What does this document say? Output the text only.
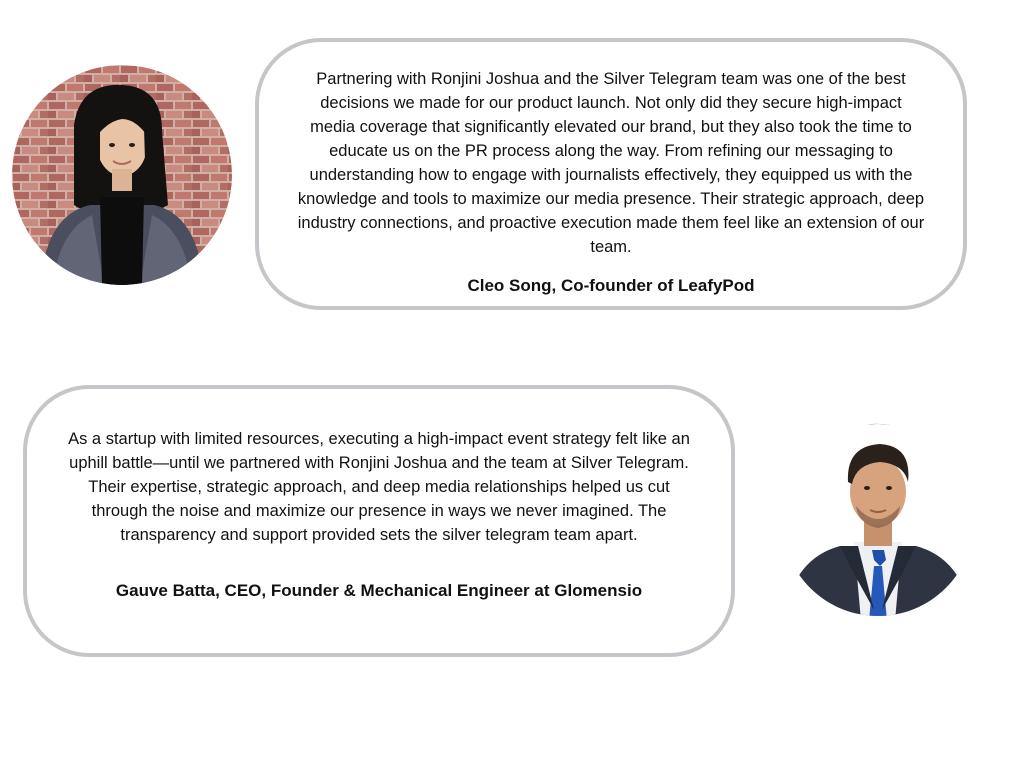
Partnering with Ronjini Joshua and the Silver Telegram team was one of the best decisions we made for our product launch. Not only did they secure high-impact media coverage that significantly elevated our brand, but they also took the time to educate us on the PR process along the way. From refining our messaging to understanding how to engage with journalists effectively, they equipped us with the knowledge and tools to maximize our media presence. Their strategic approach, deep industry connections, and proactive execution made them feel like an extension of our team.

Cleo Song, Co-founder of LeafyPod

As a startup with limited resources, executing a high-impact event strategy felt like an uphill battle—until we partnered with Ronjini Joshua and the team at Silver Telegram. Their expertise, strategic approach, and deep media relationships helped us cut through the noise and maximize our presence in ways we never imagined. The transparency and support provided sets the silver telegram team apart.

Gauve Batta, CEO, Founder & Mechanical Engineer at Glomensio
